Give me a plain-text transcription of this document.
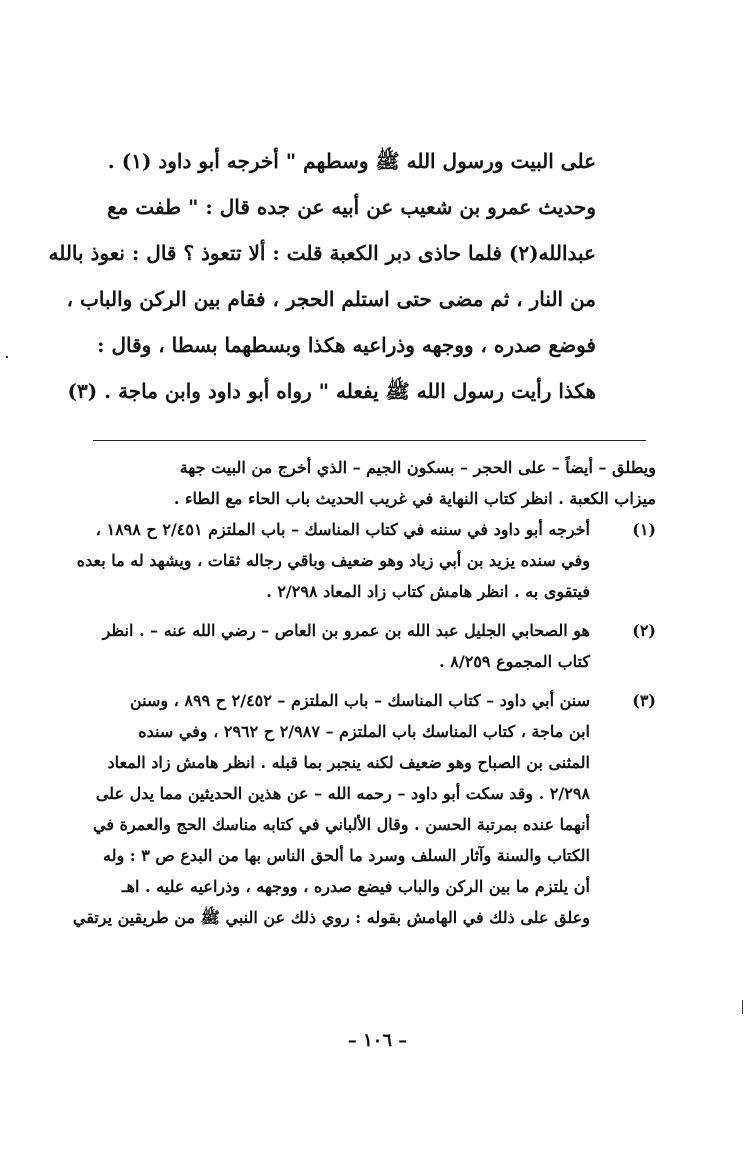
على البيت ورسول الله ﷺ وسطهم " أخرجه أبو داود (١) .
وحديث عمرو بن شعيب عن أبيه عن جده قال : " طفت مع
عبدالله(٢) فلما حاذى دبر الكعبة قلت : ألا تتعوذ ؟ قال : نعوذ بالله
من النار ، ثم مضى حتى استلم الحجر ، فقام بين الركن والباب ،
فوضع صدره ، ووجهه وذراعيه هكذا وبسطهما بسطا ، وقال :
هكذا رأيت رسول الله ﷺ يفعله " رواه أبو داود وابن ماجة . (٣)
ويطلق – أيضاً – على الحجر – بسكون الجيم – الذي أخرج من البيت جهة
ميزاب الكعبة . انظر كتاب النهاية في غريب الحديث باب الحاء مع الطاء .
(١)
أخرجه أبو داود في سننه في كتاب المناسك – باب الملتزم ٢/٤٥١ ح ١٨٩٨ ،
وفي سنده يزيد بن أبي زياد وهو ضعيف وباقي رجاله ثقات ، ويشهد له ما بعده
فيتقوى به . انظر هامش كتاب زاد المعاد ٢/٢٩٨ .
(٢)
هو الصحابي الجليل عبد الله بن عمرو بن العاص – رضي الله عنه – . انظر
كتاب المجموع ٨/٢٥٩ .
(٣)
سنن أبي داود – كتاب المناسك – باب الملتزم – ٢/٤٥٢ ح ٨٩٩ ، وسنن
ابن ماجة ، كتاب المناسك باب الملتزم – ٢/٩٨٧ ح ٢٩٦٢ ، وفي سنده
المثنى بن الصباح وهو ضعيف لكنه ينجبر بما قبله . انظر هامش زاد المعاد
٢/٢٩٨ . وقد سكت أبو داود – رحمه الله – عن هذين الحديثين مما يدل على
أنهما عنده بمرتبة الحسن . وقال الألباني في كتابه مناسك الحج والعمرة في
الكتاب والسنة وآثار السلف وسرد ما ألحق الناس بها من البدع ص ٣ : وله
أن يلتزم ما بين الركن والباب فيضع صدره ، ووجهه ، وذراعيه عليه . اهـ
وعلق على ذلك في الهامش بقوله : روي ذلك عن النبي ﷺ من طريقين يرتقي
– ١٠٦ –
